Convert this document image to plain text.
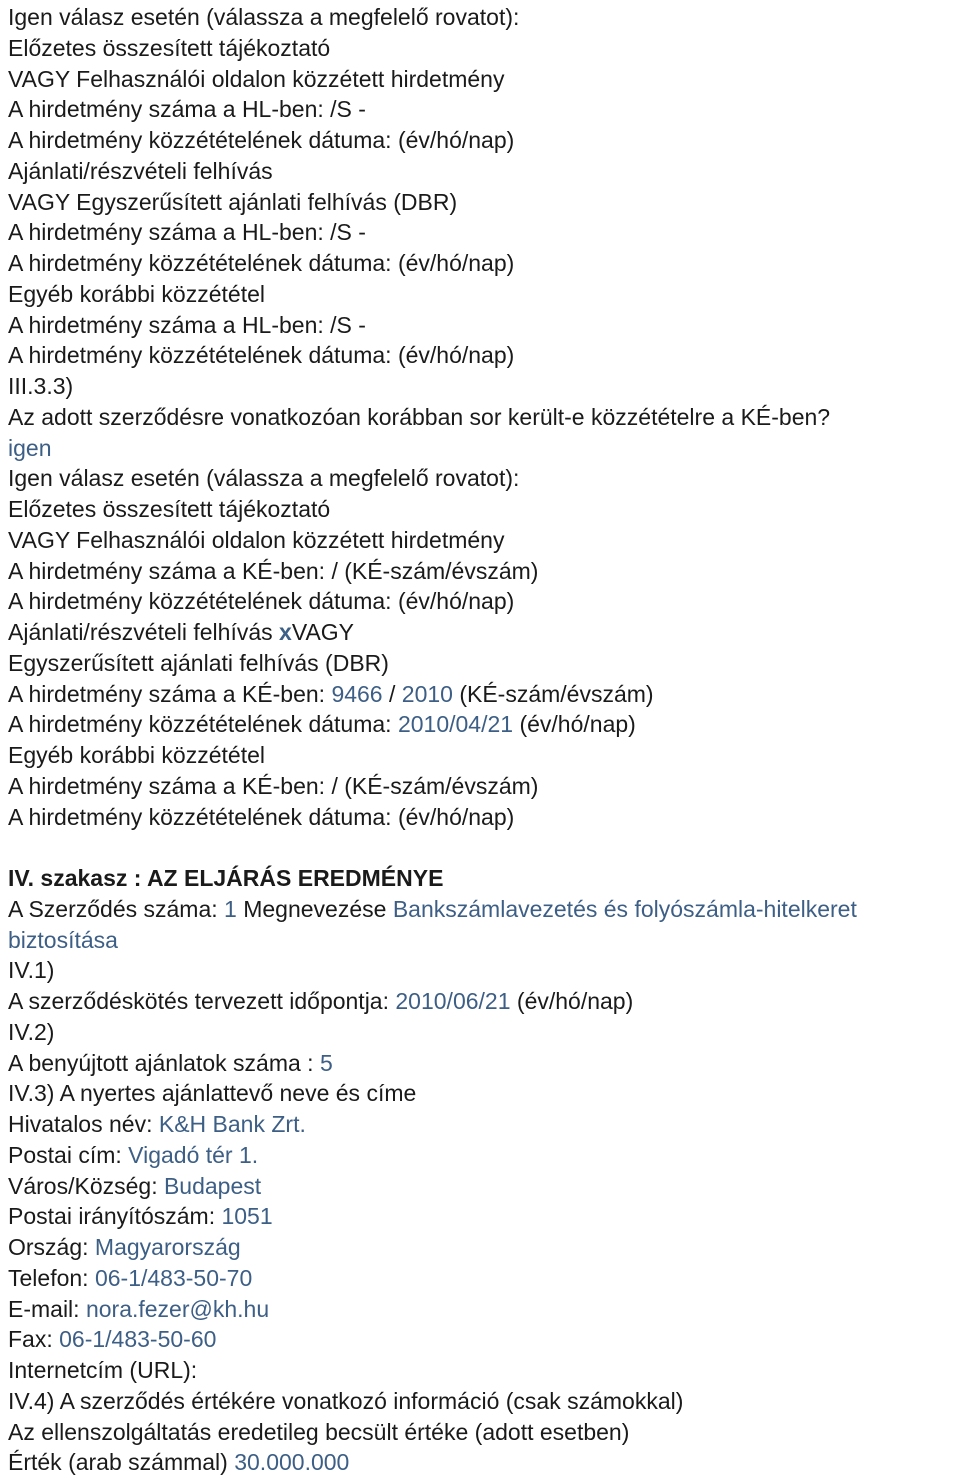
Igen válasz esetén (válassza a megfelelő rovatot):
Előzetes összesített tájékoztató
VAGY Felhasználói oldalon közzétett hirdetmény
A hirdetmény száma a HL-ben: /S -
A hirdetmény közzétételének dátuma: (év/hó/nap)
Ajánlati/részvételi felhívás
VAGY Egyszerűsített ajánlati felhívás (DBR)
A hirdetmény száma a HL-ben: /S -
A hirdetmény közzétételének dátuma: (év/hó/nap)
Egyéb korábbi közzététel
A hirdetmény száma a HL-ben: /S -
A hirdetmény közzétételének dátuma: (év/hó/nap)
III.3.3)
Az adott szerződésre vonatkozóan korábban sor került-e közzétételre a KÉ-ben?
igen
Igen válasz esetén (válassza a megfelelő rovatot):
Előzetes összesített tájékoztató
VAGY Felhasználói oldalon közzétett hirdetmény
A hirdetmény száma a KÉ-ben: / (KÉ-szám/évszám)
A hirdetmény közzétételének dátuma: (év/hó/nap)
Ajánlati/részvételi felhívás xVAGY
Egyszerűsített ajánlati felhívás (DBR)
A hirdetmény száma a KÉ-ben: 9466 / 2010 (KÉ-szám/évszám)
A hirdetmény közzétételének dátuma: 2010/04/21 (év/hó/nap)
Egyéb korábbi közzététel
A hirdetmény száma a KÉ-ben: / (KÉ-szám/évszám)
A hirdetmény közzétételének dátuma: (év/hó/nap)
IV. szakasz : AZ ELJÁRÁS EREDMÉNYE
A Szerződés száma: 1 Megnevezése Bankszámlavezetés és folyószámla-hitelkeret
biztosítása
IV.1)
A szerződéskötés tervezett időpontja: 2010/06/21 (év/hó/nap)
IV.2)
A benyújtott ajánlatok száma : 5
IV.3) A nyertes ajánlattevő neve és címe
Hivatalos név: K&H Bank Zrt.
Postai cím: Vigadó tér 1.
Város/Község: Budapest
Postai irányítószám: 1051
Ország: Magyarország
Telefon: 06-1/483-50-70
E-mail: nora.fezer@kh.hu
Fax: 06-1/483-50-60
Internetcím (URL):
IV.4) A szerződés értékére vonatkozó információ (csak számokkal)
Az ellenszolgáltatás eredetileg becsült értéke (adott esetben)
Érték (arab számmal) 30.000.000
